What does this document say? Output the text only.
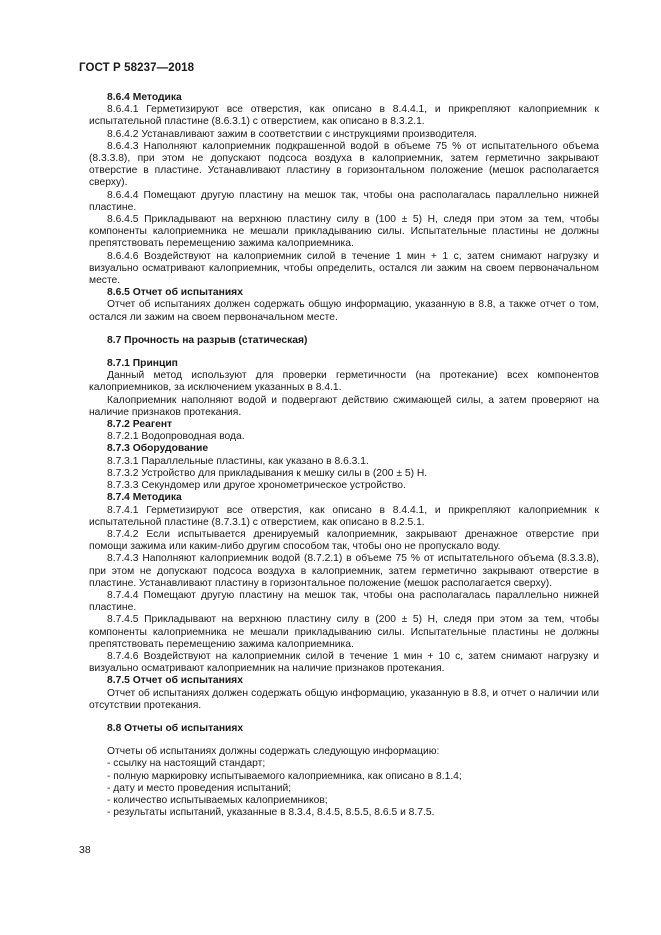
ГОСТ Р 58237—2018

8.6.4 Методика

8.6.4.1 Герметизируют все отверстия, как описано в 8.4.4.1, и прикрепляют калоприемник к испытательной пластине (8.6.3.1) с отверстием, как описано в 8.3.2.1.

8.6.4.2 Устанавливают зажим в соответствии с инструкциями производителя.

8.6.4.3 Наполняют калоприемник подкрашенной водой в объеме 75 % от испытательного объема (8.3.3.8), при этом не допускают подсоса воздуха в калоприемник, затем герметично закрывают отверстие в пластине. Устанавливают пластину в горизонтальном положение (мешок располагается сверху).

8.6.4.4 Помещают другую пластину на мешок так, чтобы она располагалась параллельно нижней пластине.

8.6.4.5 Прикладывают на верхнюю пластину силу в (100 ± 5) Н, следя при этом за тем, чтобы компоненты калоприемника не мешали прикладыванию силы. Испытательные пластины не должны препятствовать перемещению зажима калоприемника.

8.6.4.6 Воздействуют на калоприемник силой в течение 1 мин + 1 с, затем снимают нагрузку и визуально осматривают калоприемник, чтобы определить, остался ли зажим на своем первоначальном месте.

8.6.5 Отчет об испытаниях

Отчет об испытаниях должен содержать общую информацию, указанную в 8.8, а также отчет о том, остался ли зажим на своем первоначальном месте.

8.7 Прочность на разрыв (статическая)

8.7.1 Принцип

Данный метод используют для проверки герметичности (на протекание) всех компонентов калоприемников, за исключением указанных в 8.4.1.

Калоприемник наполняют водой и подвергают действию сжимающей силы, а затем проверяют на наличие признаков протекания.

8.7.2 Реагент

8.7.2.1 Водопроводная вода.

8.7.3 Оборудование

8.7.3.1 Параллельные пластины, как указано в 8.6.3.1.

8.7.3.2 Устройство для прикладывания к мешку силы в (200 ± 5) Н.

8.7.3.3 Секундомер или другое хронометрическое устройство.

8.7.4 Методика

8.7.4.1 Герметизируют все отверстия, как описано в 8.4.4.1, и прикрепляют калоприемник к испытательной пластине (8.7.3.1) с отверстием, как описано в 8.2.5.1.

8.7.4.2 Если испытывается дренируемый калоприемник, закрывают дренажное отверстие при помощи зажима или каким-либо другим способом так, чтобы оно не пропускало воду.

8.7.4.3 Наполняют калоприемник водой (8.7.2.1) в объеме 75 % от испытательного объема (8.3.3.8), при этом не допускают подсоса воздуха в калоприемник, затем герметично закрывают отверстие в пластине. Устанавливают пластину в горизонтальное положение (мешок располагается сверху).

8.7.4.4 Помещают другую пластину на мешок так, чтобы она располагалась параллельно нижней пластине.

8.7.4.5 Прикладывают на верхнюю пластину силу в (200 ± 5) Н, следя при этом за тем, чтобы компоненты калоприемника не мешали прикладыванию силы. Испытательные пластины не должны препятствовать перемещению зажима калоприемника.

8.7.4.6 Воздействуют на калоприемник силой в течение 1 мин + 10 с, затем снимают нагрузку и визуально осматривают калоприемник на наличие признаков протекания.

8.7.5 Отчет об испытаниях

Отчет об испытаниях должен содержать общую информацию, указанную в 8.8, и отчет о наличии или отсутствии протекания.

8.8 Отчеты об испытаниях

Отчеты об испытаниях должны содержать следующую информацию:

- ссылку на настоящий стандарт;

- полную маркировку испытываемого калоприемника, как описано в 8.1.4;

- дату и место проведения испытаний;

- количество испытываемых калоприемников;

- результаты испытаний, указанные в 8.3.4, 8.4.5, 8.5.5, 8.6.5 и 8.7.5.

38
